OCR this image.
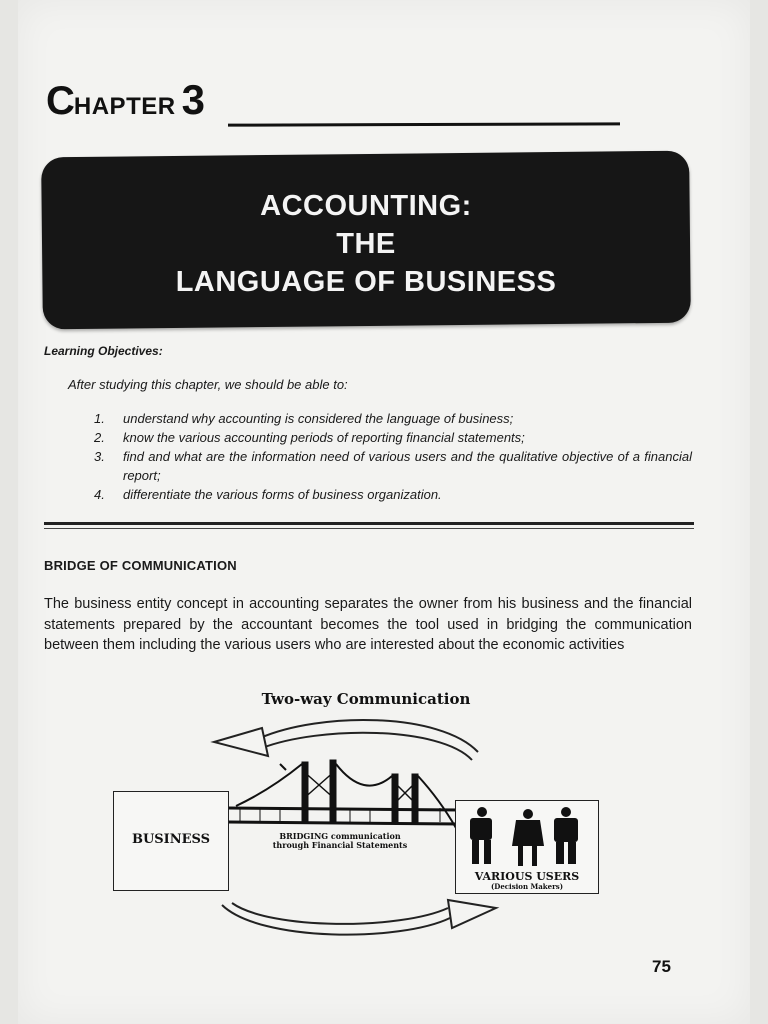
CHAPTER 3
ACCOUNTING:
THE
LANGUAGE OF BUSINESS
Learning Objectives:
After studying this chapter, we should be able to:
1.	understand why accounting is considered the language of business;
2.	know the various accounting periods of reporting financial statements;
3.	find and what are the information need of various users and the qualitative objective of a financial report;
4.	differentiate the various forms of business organization.
BRIDGE OF COMMUNICATION
The business entity concept in accounting separates the owner from his business and the financial statements prepared by the accountant becomes the tool used in bridging the communication between them including the various users who are interested about the economic activities
Two-way Communication
BUSINESS
VARIOUS USERS
(Decision Makers)
BRIDGING communication
through Financial Statements
75
